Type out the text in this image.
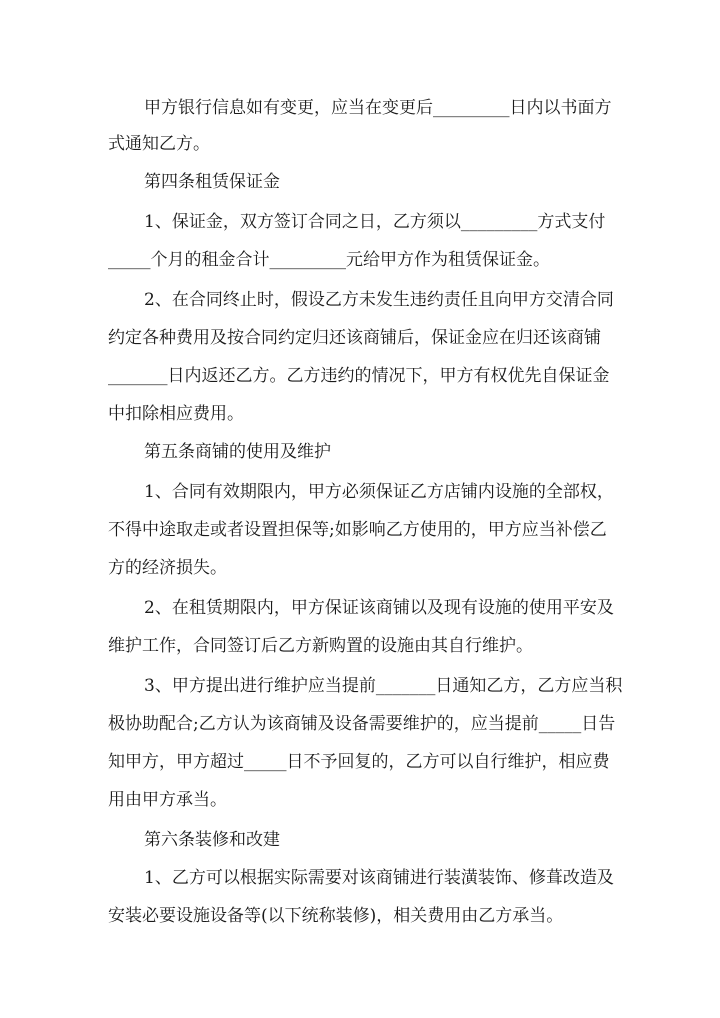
甲方银行信息如有变更，应当在变更后_________日内以书面方
式通知乙方。
第四条租赁保证金
1、保证金，双方签订合同之日，乙方须以_________方式支付
_____个月的租金合计_________元给甲方作为租赁保证金。
2、在合同终止时，假设乙方未发生违约责任且向甲方交清合同
约定各种费用及按合同约定归还该商铺后，保证金应在归还该商铺
_______日内返还乙方。乙方违约的情况下，甲方有权优先自保证金
中扣除相应费用。
第五条商铺的使用及维护
1、合同有效期限内，甲方必须保证乙方店铺内设施的全部权，
不得中途取走或者设置担保等;如影响乙方使用的，甲方应当补偿乙
方的经济损失。
2、在租赁期限内，甲方保证该商铺以及现有设施的使用平安及
维护工作，合同签订后乙方新购置的设施由其自行维护。
3、甲方提出进行维护应当提前_______日通知乙方，乙方应当积
极协助配合;乙方认为该商铺及设备需要维护的，应当提前_____日告
知甲方，甲方超过_____日不予回复的，乙方可以自行维护，相应费
用由甲方承当。
第六条装修和改建
1、乙方可以根据实际需要对该商铺进行装潢装饰、修葺改造及
安装必要设施设备等(以下统称装修)，相关费用由乙方承当。
